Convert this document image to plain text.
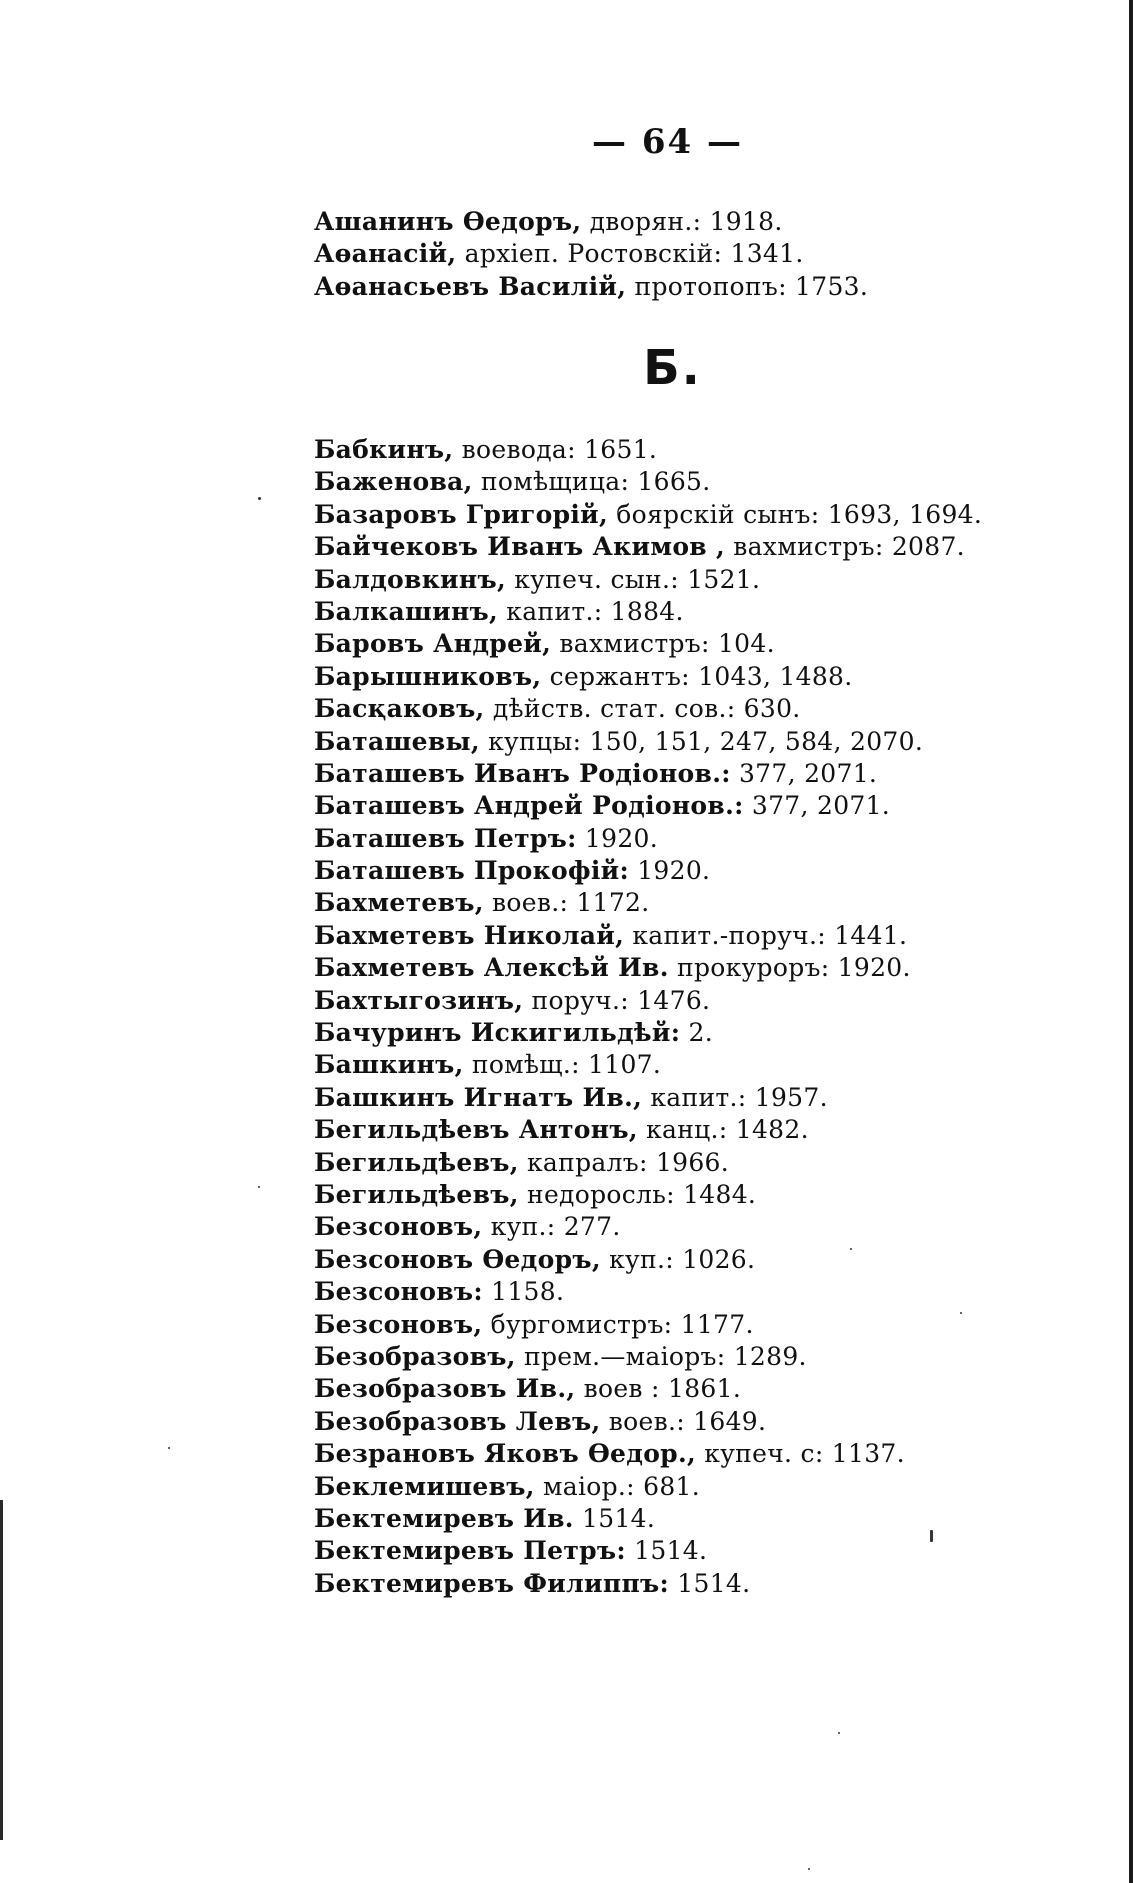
— 64 —
Ашанинъ Өедоръ, дворян.: 1918.
Аөанасій, архіеп. Ростовскій: 1341.
Аөанасьевъ Василій, протопопъ: 1753.
Б.
Бабкинъ, воевода: 1651.
Баженова, помѣщица: 1665.
Базаровъ Григорій, боярскій сынъ: 1693, 1694.
Байчековъ Иванъ Акимов , вахмистръ: 2087.
Балдовкинъ, купеч. сын.: 1521.
Балкашинъ, капит.: 1884.
Баровъ Андрей, вахмистръ: 104.
Барышниковъ, сержантъ: 1043, 1488.
Басқаковъ, дѣйств. стат. сов.: 630.
Баташевы, купцы: 150, 151, 247, 584, 2070.
Баташевъ Иванъ Родіонов.: 377, 2071.
Баташевъ Андрей Родіонов.: 377, 2071.
Баташевъ Петръ: 1920.
Баташевъ Прокофій: 1920.
Бахметевъ, воев.: 1172.
Бахметевъ Николай, капит.-поруч.: 1441.
Бахметевъ Алексѣй Ив. прокуроръ: 1920.
Бахтыгозинъ, поруч.: 1476.
Бачуринъ Искигильдѣй: 2.
Башкинъ, помѣщ.: 1107.
Башкинъ Игнатъ Ив., капит.: 1957.
Бегильдѣевъ Антонъ, канц.: 1482.
Бегильдѣевъ, капралъ: 1966.
Бегильдѣевъ, недоросль: 1484.
Безсоновъ, куп.: 277.
Безсоновъ Өедоръ, куп.: 1026.
Безсоновъ: 1158.
Безсоновъ, бургомистръ: 1177.
Безобразовъ, прем.—маіоръ: 1289.
Безобразовъ Ив., воев : 1861.
Безобразовъ Левъ, воев.: 1649.
Безрановъ Яковъ Өедор., купеч. с: 1137.
Беклемишевъ, маіор.: 681.
Бектемиревъ Ив. 1514.
Бектемиревъ Петръ: 1514.
Бектемиревъ Филиппъ: 1514.
